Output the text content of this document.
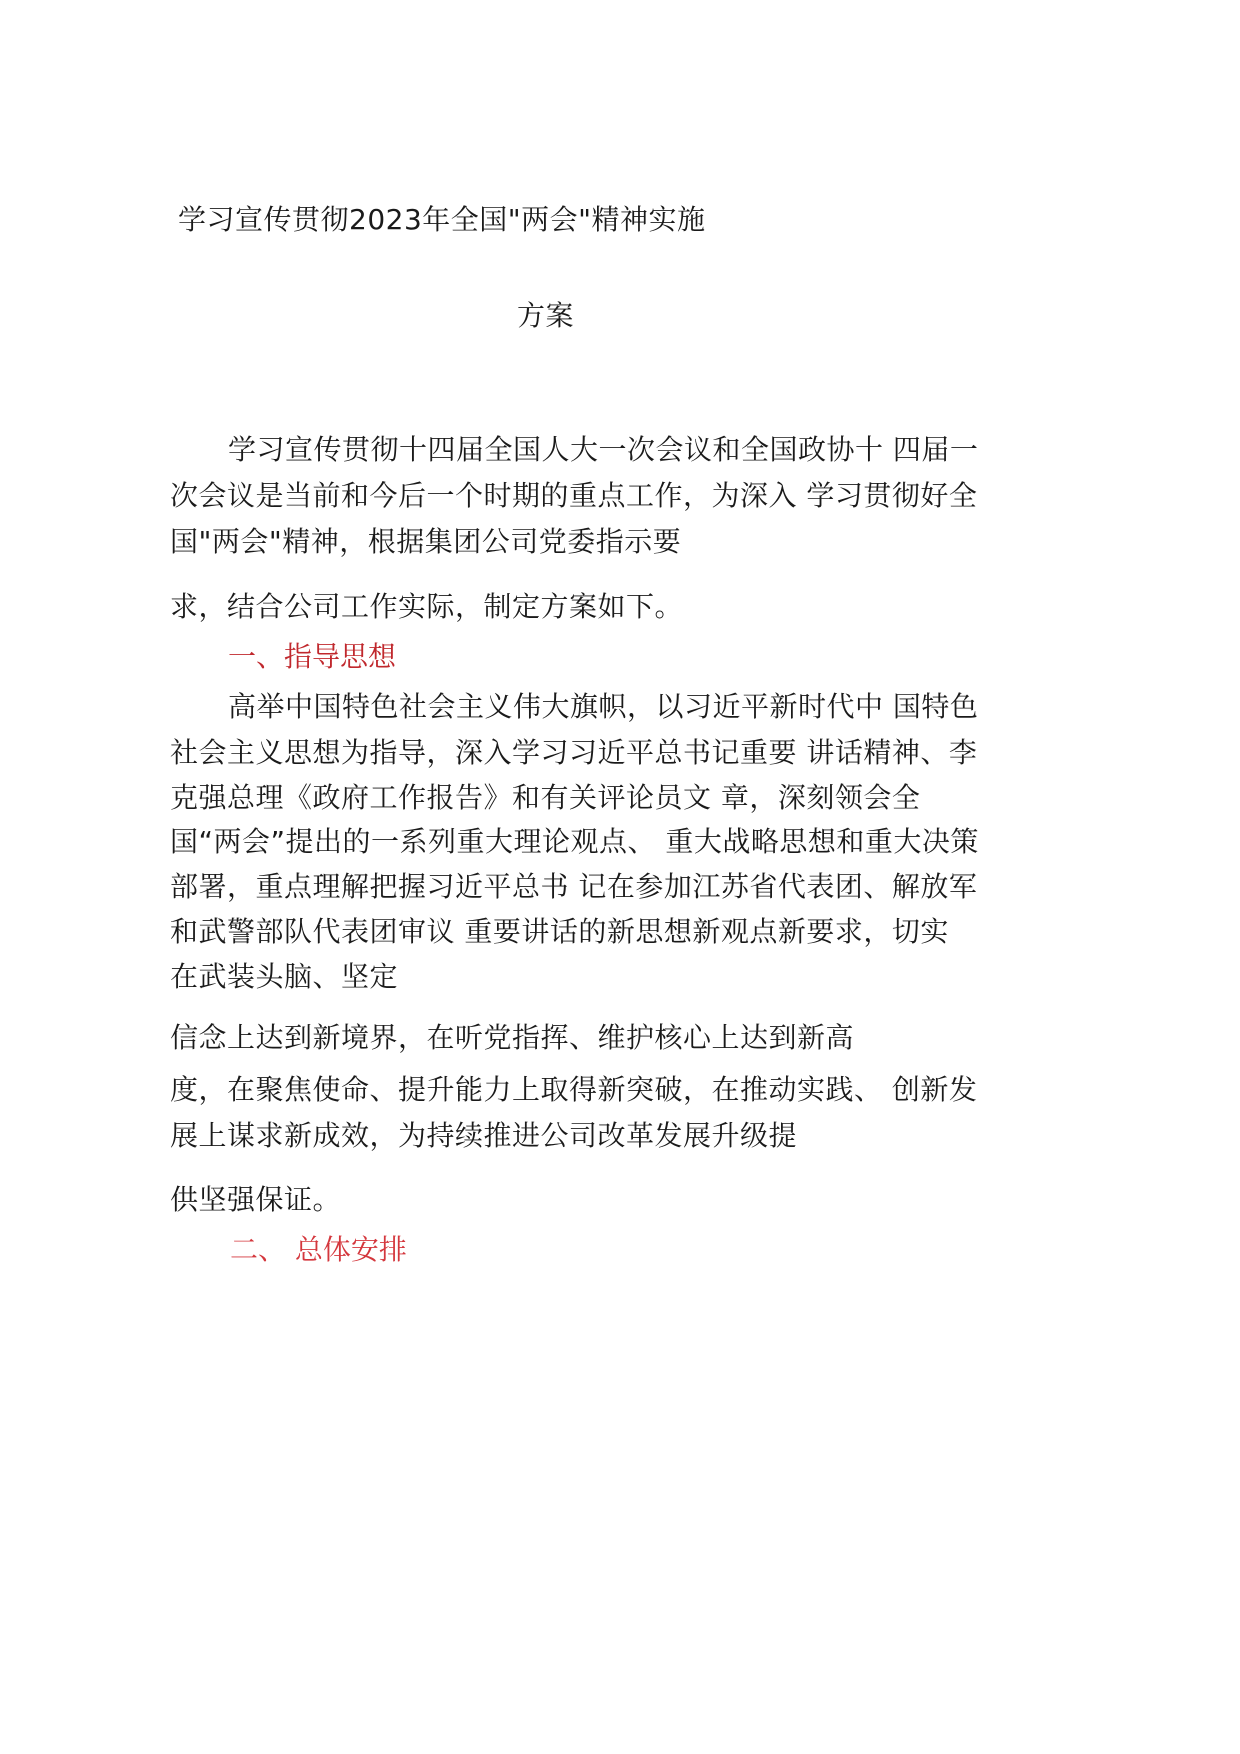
学习宣传贯彻2023年全国"两会"精神实施
方案

学习宣传贯彻十四届全国人大一次会议和全国政协十 四届一

次会议是当前和今后一个时期的重点工作，为深入 学习贯彻好全

国"两会"精神，根据集团公司党委指示要

求，结合公司工作实际，制定方案如下。

一、指导思想

高举中国特色社会主义伟大旗帜，以习近平新时代中 国特色

社会主义思想为指导，深入学习习近平总书记重要 讲话精神、李

克强总理《政府工作报告》和有关评论员文 章，深刻领会全

国“两会”提出的一系列重大理论观点、 重大战略思想和重大决策

部署，重点理解把握习近平总书 记在参加江苏省代表团、解放军

和武警部队代表团审议 重要讲话的新思想新观点新要求，切实

在武装头脑、坚定

信念上达到新境界，在听党指挥、维护核心上达到新高

度，在聚焦使命、提升能力上取得新突破，在推动实践、 创新发

展上谋求新成效，为持续推进公司改革发展升级提

供坚强保证。

二、 总体安排
